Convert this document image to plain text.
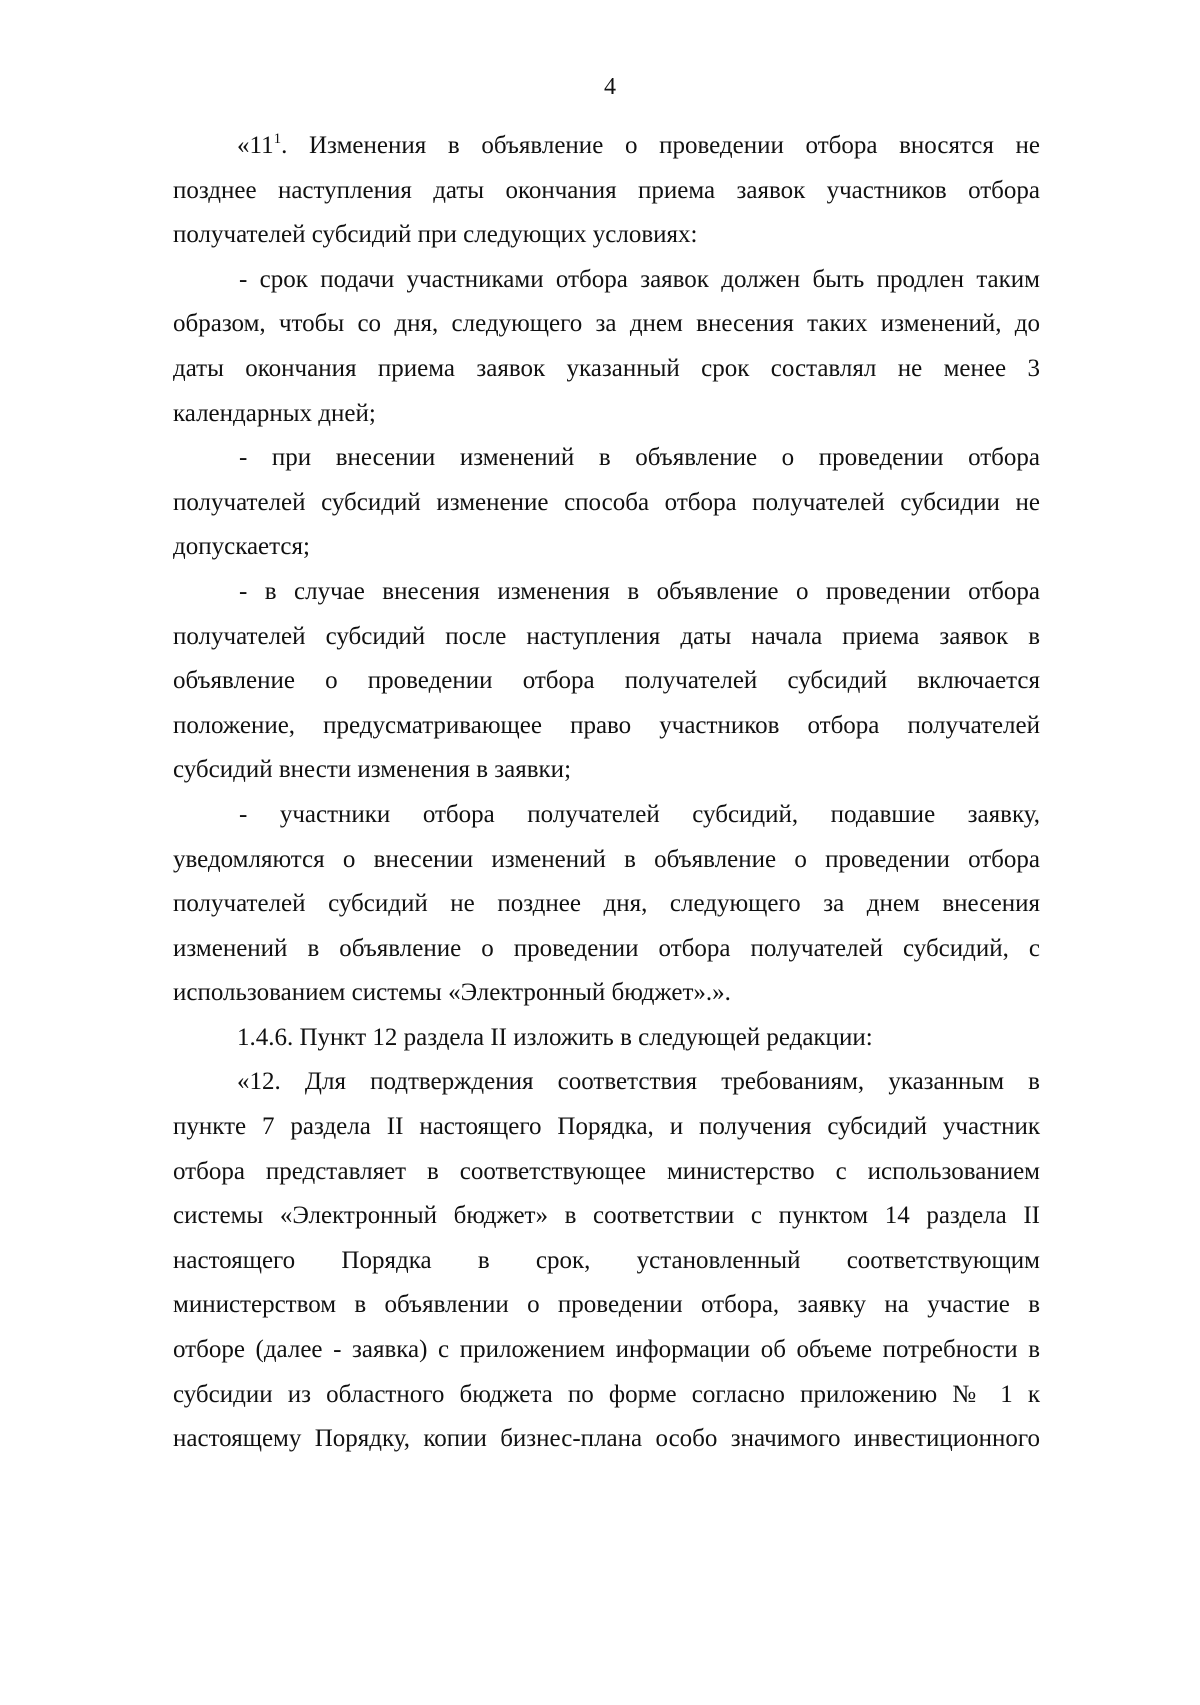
4
«$11^1$. Изменения в объявление о проведении отбора вносятся не
позднее наступления даты окончания приема заявок участников отбора
получателей субсидий при следующих условиях:
- срок подачи участниками отбора заявок должен быть продлен таким
образом, чтобы со дня, следующего за днем внесения таких изменений, до
даты окончания приема заявок указанный срок составлял не менее 3
календарных дней;
- при внесении изменений в объявление о проведении отбора
получателей субсидий изменение способа отбора получателей субсидии не
допускается;
- в случае внесения изменения в объявление о проведении отбора
получателей субсидий после наступления даты начала приема заявок в
объявление о проведении отбора получателей субсидий включается
положение, предусматривающее право участников отбора получателей
субсидий внести изменения в заявки;
- участники отбора получателей субсидий, подавшие заявку,
уведомляются о внесении изменений в объявление о проведении отбора
получателей субсидий не позднее дня, следующего за днем внесения
изменений в объявление о проведении отбора получателей субсидий, с
использованием системы «Электронный бюджет».».
1.4.6. Пункт 12 раздела II изложить в следующей редакции:
«12. Для подтверждения соответствия требованиям, указанным в
пункте 7 раздела II настоящего Порядка, и получения субсидий участник
отбора представляет в соответствующее министерство с использованием
системы «Электронный бюджет» в соответствии с пунктом 14 раздела II
настоящего Порядка в срок, установленный соответствующим
министерством в объявлении о проведении отбора, заявку на участие в
отборе (далее - заявка) с приложением информации об объеме потребности в
субсидии из областного бюджета по форме согласно приложению № 1 к
настоящему Порядку, копии бизнес-плана особо значимого инвестиционного
